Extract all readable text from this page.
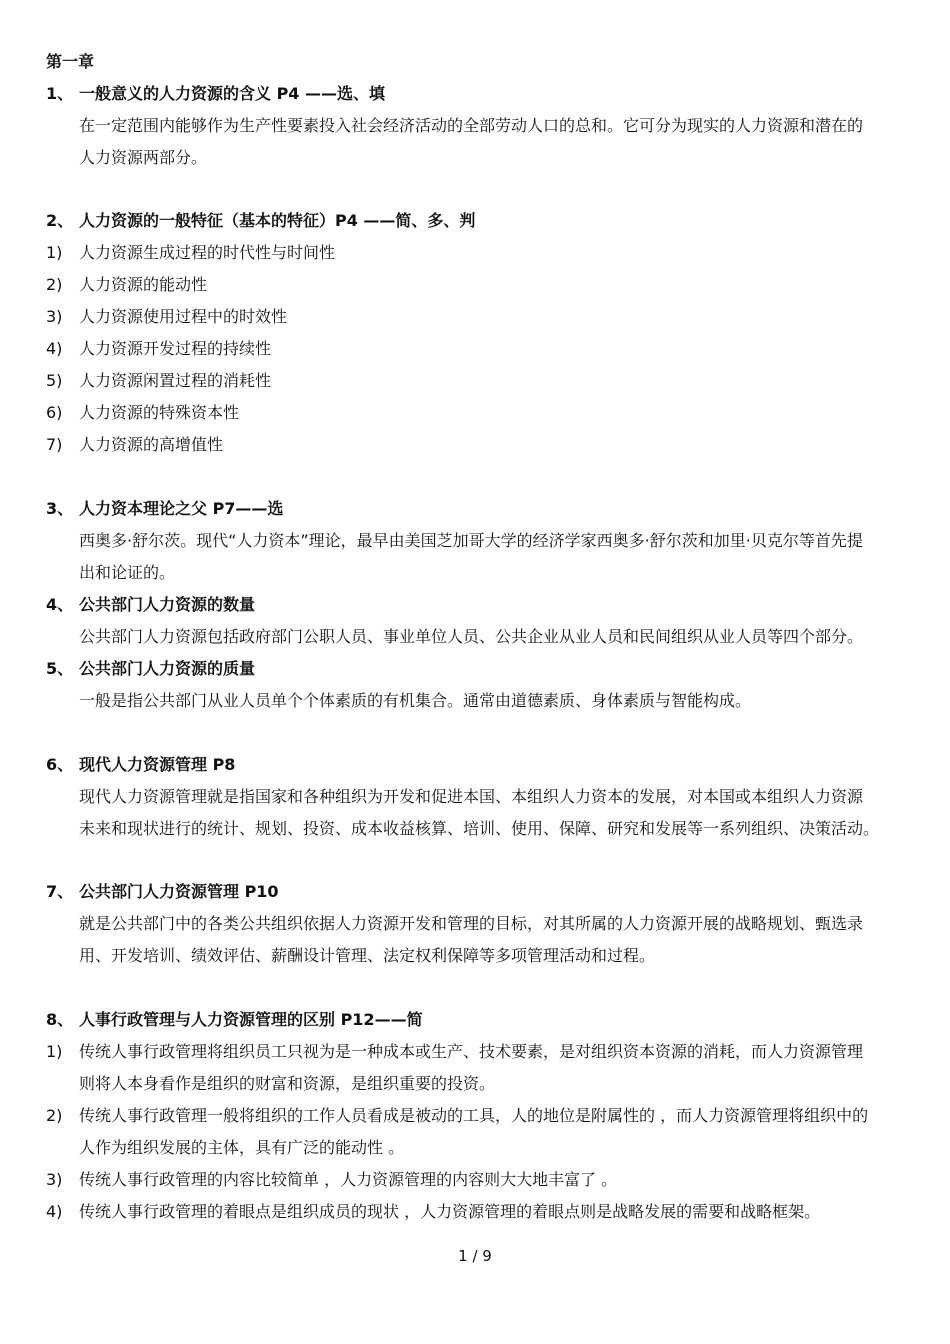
第一章
1、 一般意义的人力资源的含义 P4 ——选、填
在一定范围内能够作为生产性要素投入社会经济活动的全部劳动人口的总和。它可分为现实的人力资源和潜在的
人力资源两部分。
2、 人力资源的一般特征（基本的特征）P4 ——简、多、判
1) 人力资源生成过程的时代性与时间性
2) 人力资源的能动性
3) 人力资源使用过程中的时效性
4) 人力资源开发过程的持续性
5) 人力资源闲置过程的消耗性
6) 人力资源的特殊资本性
7) 人力资源的高增值性
3、 人力资本理论之父 P7——选
西奥多·舒尔茨。现代“人力资本”理论，最早由美国芝加哥大学的经济学家西奥多·舒尔茨和加里·贝克尔等首先提
出和论证的。
4、 公共部门人力资源的数量
公共部门人力资源包括政府部门公职人员、事业单位人员、公共企业从业人员和民间组织从业人员等四个部分。
5、 公共部门人力资源的质量
一般是指公共部门从业人员单个个体素质的有机集合。通常由道德素质、身体素质与智能构成。
6、 现代人力资源管理 P8
现代人力资源管理就是指国家和各种组织为开发和促进本国、本组织人力资本的发展，对本国或本组织人力资源
未来和现状进行的统计、规划、投资、成本收益核算、培训、使用、保障、研究和发展等一系列组织、决策活动。
7、 公共部门人力资源管理 P10
就是公共部门中的各类公共组织依据人力资源开发和管理的目标，对其所属的人力资源开展的战略规划、甄选录
用、开发培训、绩效评估、薪酬设计管理、法定权利保障等多项管理活动和过程。
8、 人事行政管理与人力资源管理的区别 P12——简
1) 传统人事行政管理将组织员工只视为是一种成本或生产、技术要素，是对组织资本资源的消耗，而人力资源管理
则将人本身看作是组织的财富和资源，是组织重要的投资。
2) 传统人事行政管理一般将组织的工作人员看成是被动的工具，人的地位是附属性的 ，而人力资源管理将组织中的
人作为组织发展的主体，具有广泛的能动性 。
3) 传统人事行政管理的内容比较简单 ，人力资源管理的内容则大大地丰富了 。
4) 传统人事行政管理的着眼点是组织成员的现状 ，人力资源管理的着眼点则是战略发展的需要和战略框架。
1 / 9
